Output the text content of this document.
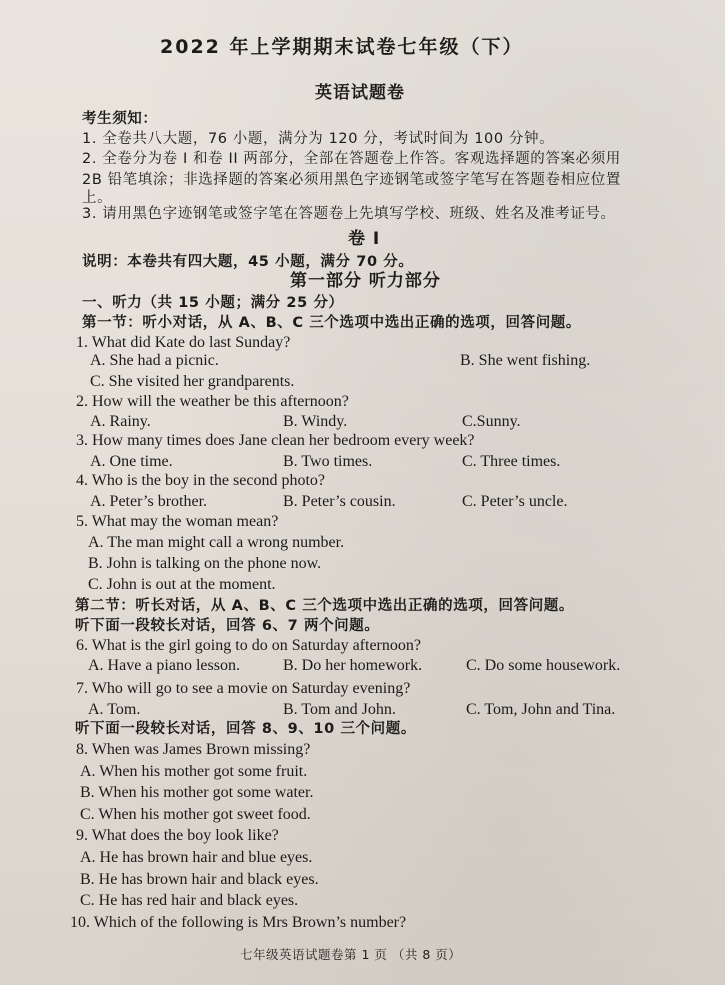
2022 年上学期期末试卷七年级（下）
英语试题卷
考生须知：
1. 全卷共八大题，76 小题，满分为 120 分，考试时间为 100 分钟。
2. 全卷分为卷 I 和卷 II 两部分，全部在答题卷上作答。客观选择题的答案必须用
2B 铅笔填涂；非选择题的答案必须用黑色字迹钢笔或签字笔写在答题卷相应位置
上。
3. 请用黑色字迹钢笔或签字笔在答题卷上先填写学校、班级、姓名及准考证号。
卷 I
说明：本卷共有四大题，45 小题，满分 70 分。
第一部分 听力部分
一、听力（共 15 小题；满分 25 分）
第一节：听小对话，从 A、B、C 三个选项中选出正确的选项，回答问题。
1. What did Kate do last Sunday?
A. She had a picnic.	B. She went fishing.
C. She visited her grandparents.
2. How will the weather be this afternoon?
A. Rainy.	B. Windy.	C.Sunny.
3. How many times does Jane clean her bedroom every week?
A. One time.	B. Two times.	C. Three times.
4. Who is the boy in the second photo?
A. Peter’s brother.	B. Peter’s cousin.	C. Peter’s uncle.
5. What may the woman mean?
A. The man might call a wrong number.
B. John is talking on the phone now.
C. John is out at the moment.
第二节：听长对话，从 A、B、C 三个选项中选出正确的选项，回答问题。
听下面一段较长对话，回答 6、7 两个问题。
6. What is the girl going to do on Saturday afternoon?
A. Have a piano lesson.	B. Do her homework.	C. Do some housework.
7. Who will go to see a movie on Saturday evening?
A. Tom.	B. Tom and John.	C. Tom, John and Tina.
听下面一段较长对话，回答 8、9、10 三个问题。
8. When was James Brown missing?
A. When his mother got some fruit.
B. When his mother got some water.
C. When his mother got sweet food.
9. What does the boy look like?
A. He has brown hair and blue eyes.
B. He has brown hair and black eyes.
C. He has red hair and black eyes.
10. Which of the following is Mrs Brown’s number?
七年级英语试题卷第 1 页 （共 8 页）
